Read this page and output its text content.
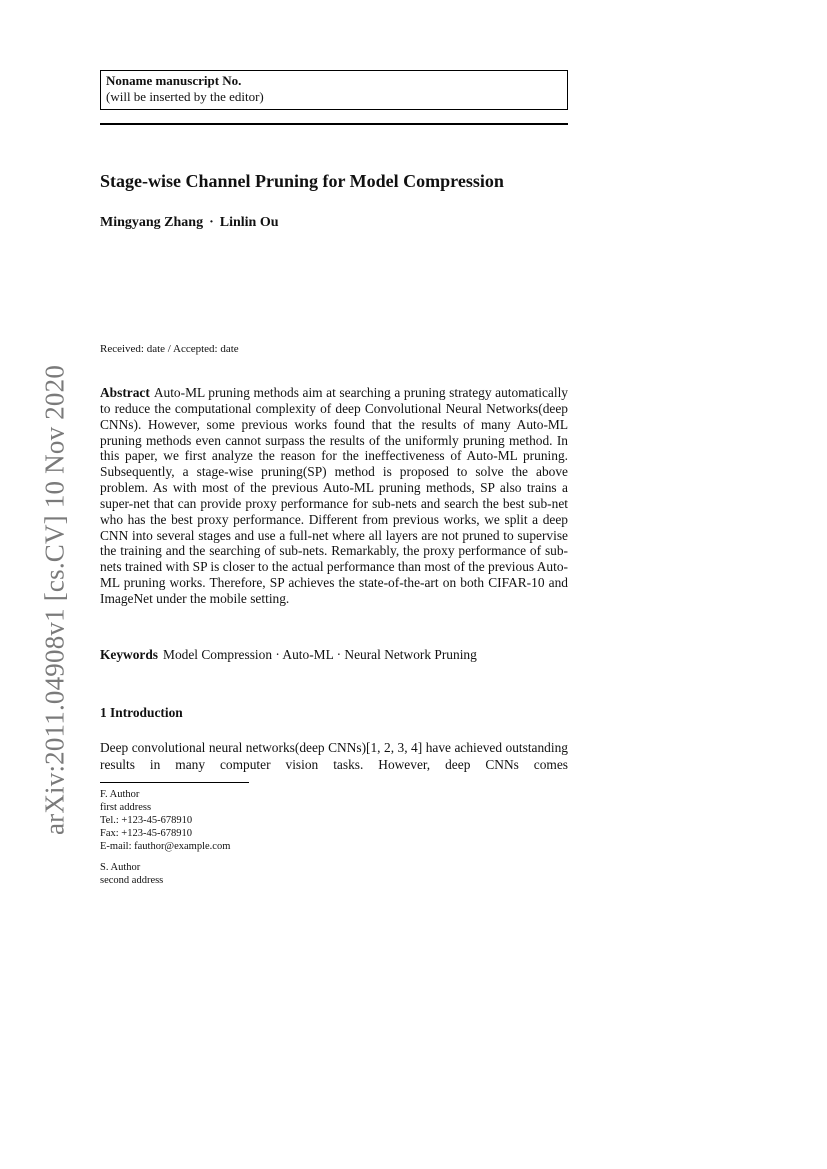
arXiv:2011.04908v1 [cs.CV] 10 Nov 2020
Noname manuscript No.
(will be inserted by the editor)
Stage-wise Channel Pruning for Model Compression
Mingyang Zhang · Linlin Ou
Received: date / Accepted: date
Abstract Auto-ML pruning methods aim at searching a pruning strategy automatically to reduce the computational complexity of deep Convolutional Neural Networks(deep CNNs). However, some previous works found that the results of many Auto-ML pruning methods even cannot surpass the results of the uniformly pruning method. In this paper, we first analyze the reason for the ineffectiveness of Auto-ML pruning. Subsequently, a stage-wise pruning(SP) method is proposed to solve the above problem. As with most of the previous Auto-ML pruning methods, SP also trains a super-net that can provide proxy performance for sub-nets and search the best sub-net who has the best proxy performance. Different from previous works, we split a deep CNN into several stages and use a full-net where all layers are not pruned to supervise the training and the searching of sub-nets. Remarkably, the proxy performance of sub-nets trained with SP is closer to the actual performance than most of the previous Auto-ML pruning works. Therefore, SP achieves the state-of-the-art on both CIFAR-10 and ImageNet under the mobile setting.
Keywords Model Compression · Auto-ML · Neural Network Pruning
1 Introduction
Deep convolutional neural networks(deep CNNs)[1, 2, 3, 4] have achieved outstanding results in many computer vision tasks. However, deep CNNs comes
F. Author
first address
Tel.: +123-45-678910
Fax: +123-45-678910
E-mail: fauthor@example.com
S. Author
second address
